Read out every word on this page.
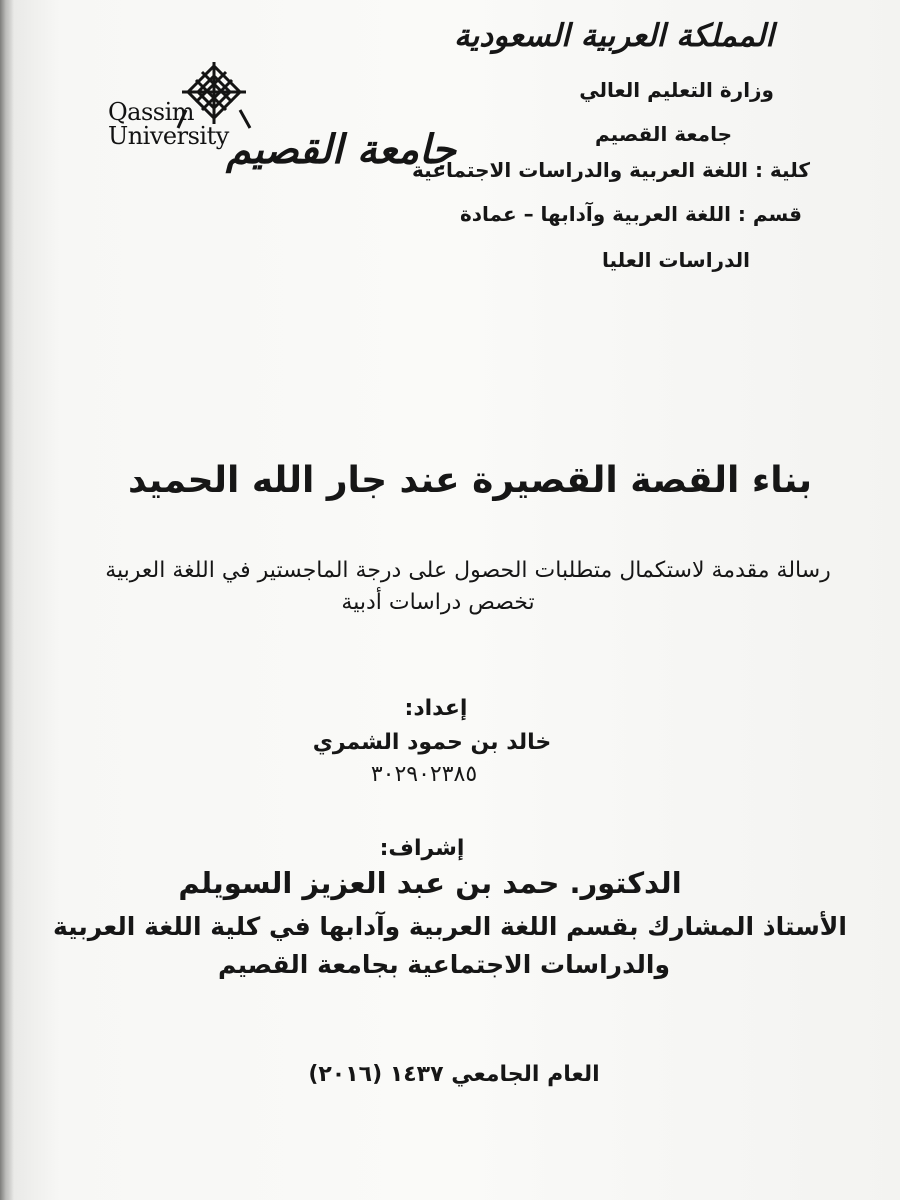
المملكة العربية السعودية
وزارة التعليم العالي
جامعة القصيم
كلية : اللغة العربية والدراسات الاجتماعية
قسم : اللغة العربية وآدابها – عمادة
الدراسات العليا
Qassim
University
جامعة القصيم
بناء القصة القصيرة عند جار الله الحميد
رسالة مقدمة لاستكمال متطلبات الحصول على درجة الماجستير في اللغة العربية
تخصص دراسات أدبية
إعداد:
خالد بن حمود الشمري
٣٠٢٩٠٢٣٨٥
إشراف:
الدكتور. حمد بن عبد العزيز السويلم
الأستاذ المشارك بقسم اللغة العربية وآدابها في كلية اللغة العربية
والدراسات الاجتماعية بجامعة القصيم
العام الجامعي ١٤٣٧ (٢٠١٦)
